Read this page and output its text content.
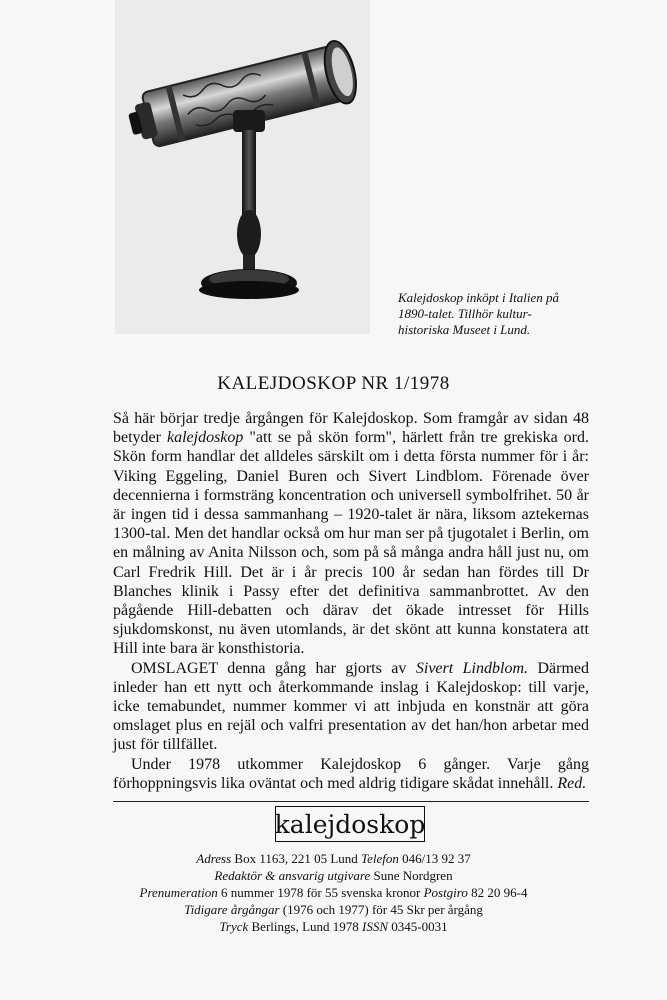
Kalejdoskop inköpt i Italien på
1890-talet. Tillhör kultur-
historiska Museet i Lund.
KALEJDOSKOP NR 1/1978

Så här börjar tredje årgången för Kalejdoskop. Som framgår av sidan 48 betyder kalejdoskop "att se på skön form", härlett från tre grekiska ord. Skön form handlar det alldeles särskilt om i detta första nummer för i år: Viking Eggeling, Daniel Buren och Sivert Lindblom. Förenade över decennierna i formsträng koncentration och universell symbolfrihet. 50 år är ingen tid i dessa sammanhang – 1920-talet är nära, liksom aztekernas 1300-tal. Men det handlar också om hur man ser på tjugotalet i Berlin, om en målning av Anita Nilsson och, som på så många andra håll just nu, om Carl Fredrik Hill. Det är i år precis 100 år sedan han fördes till Dr Blanches klinik i Passy efter det definitiva sammanbrottet. Av den pågående Hill-debatten och därav det ökade intresset för Hills sjukdomskonst, nu även utomlands, är det skönt att kunna konstatera att Hill inte bara är konsthistoria.

OMSLAGET denna gång har gjorts av Sivert Lindblom. Därmed inleder han ett nytt och återkommande inslag i Kalejdoskop: till varje, icke temabundet, nummer kommer vi att inbjuda en konstnär att göra omslaget plus en rejäl och valfri presentation av det han/hon arbetar med just för tillfället.

Under 1978 utkommer Kalejdoskop 6 gånger. Varje gång förhoppningsvis lika oväntat och med aldrig tidigare skådat innehåll. Red.

kalejdoskop
Adress Box 1163, 221 05 Lund Telefon 046/13 92 37
Redaktör & ansvarig utgivare Sune Nordgren
Prenumeration 6 nummer 1978 för 55 svenska kronor Postgiro 82 20 96-4
Tidigare årgångar (1976 och 1977) för 45 Skr per årgång
Tryck Berlings, Lund 1978 ISSN 0345-0031
